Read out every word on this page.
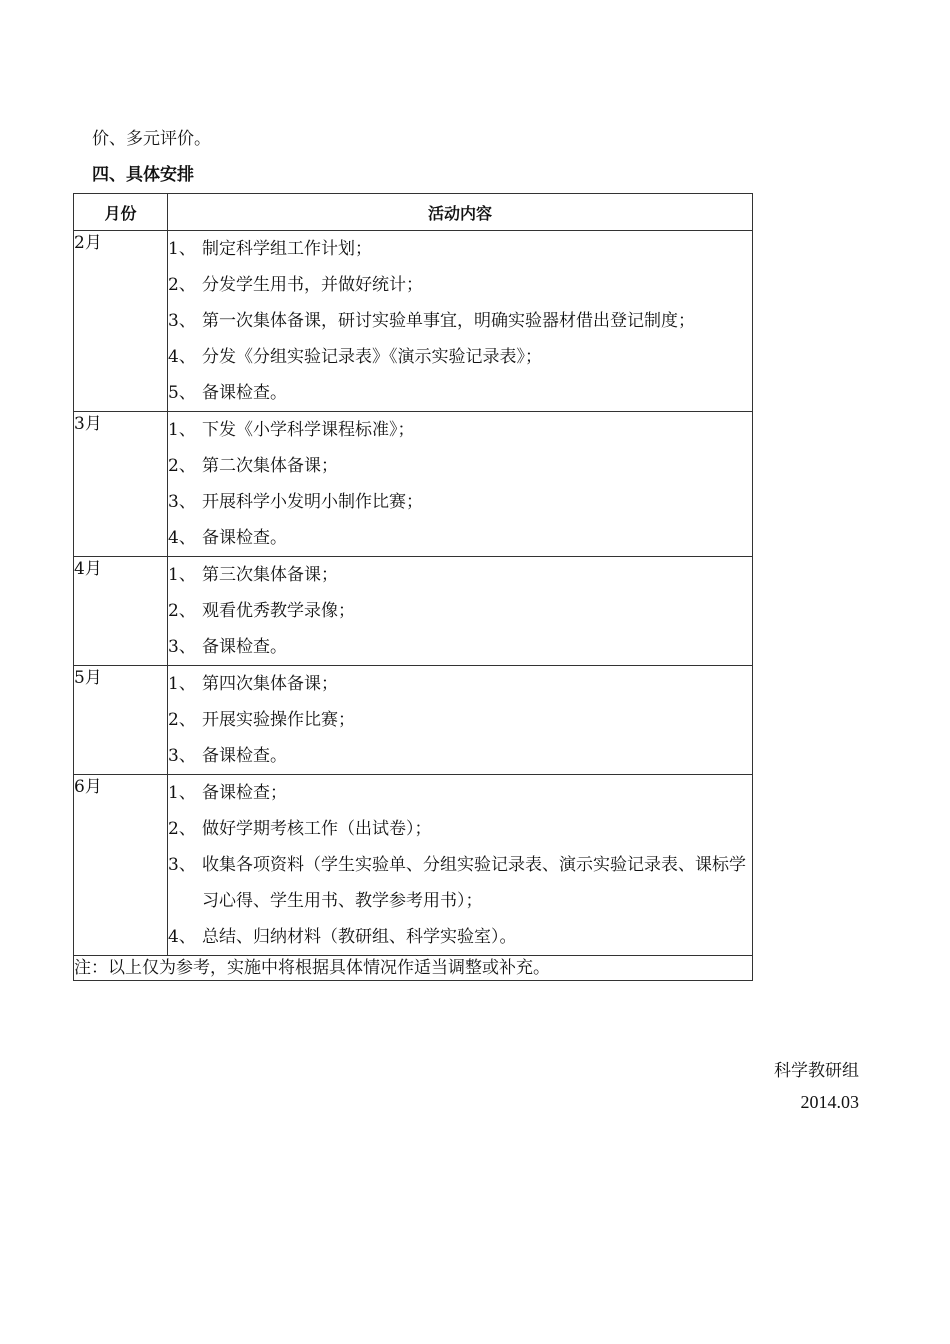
价、多元评价。
四、具体安排
月份	活动内容
2月	1、 制定科学组工作计划；
2、 分发学生用书，并做好统计；
3、 第一次集体备课，研讨实验单事宜，明确实验器材借出登记制度；
4、 分发《分组实验记录表》《演示实验记录表》；
5、 备课检查。

3月	1、 下发《小学科学课程标准》；
2、 第二次集体备课；
3、 开展科学小发明小制作比赛；
4、 备课检查。

4月	1、 第三次集体备课；
2、 观看优秀教学录像；
3、 备课检查。

5月	1、 第四次集体备课；
2、 开展实验操作比赛；
3、 备课检查。

6月	1、 备课检查；
2、 做好学期考核工作（出试卷）；
3、 收集各项资料（学生实验单、分组实验记录表、演示实验记录表、课标学习心得、学生用书、教学参考用书）；
4、 总结、归纳材料（教研组、科学实验室）。

注：以上仅为参考，实施中将根据具体情况作适当调整或补充。	
科学教研组
2014.03
